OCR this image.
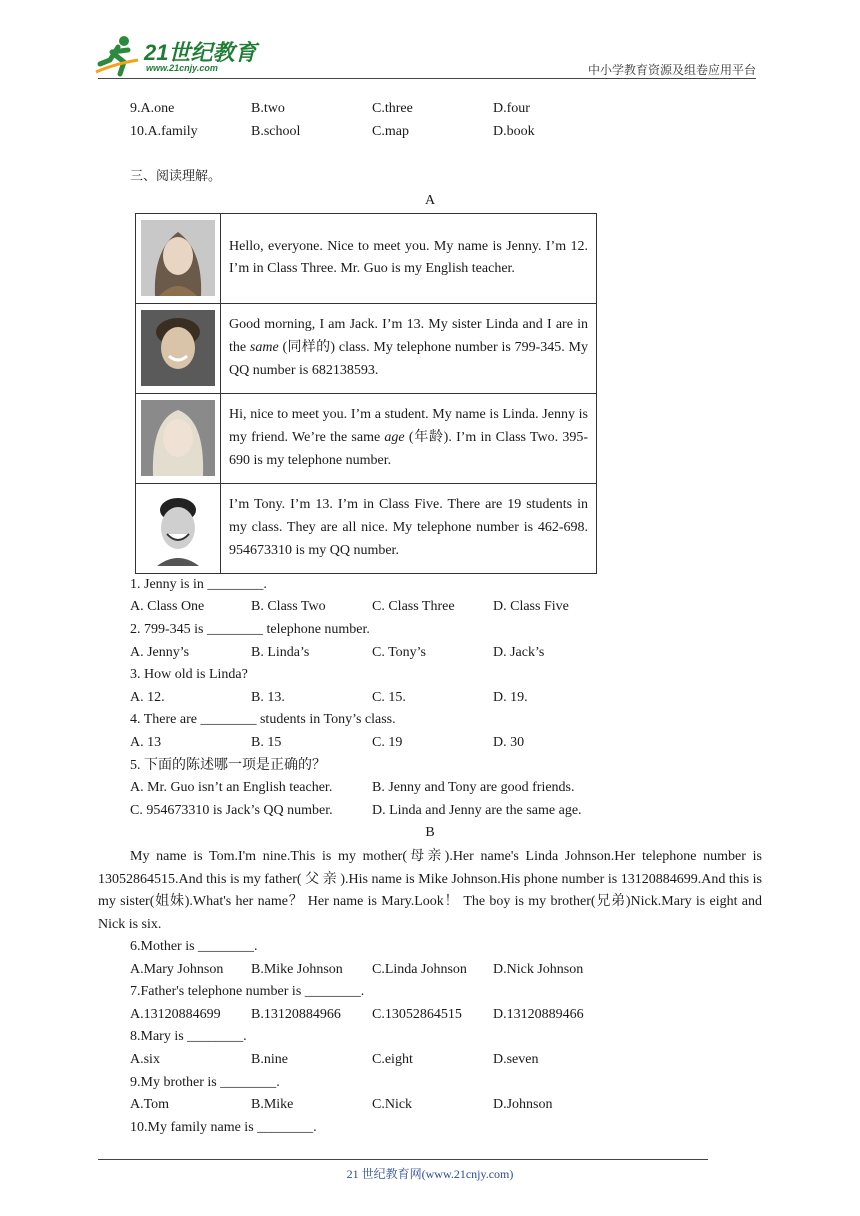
21世纪教育
www.21cnjy.com	中小学教育资源及组卷应用平台
9.A.one	B.two	C.three	D.four
10.A.family	B.school	C.map	D.book
三、阅读理解。
A
	Hello, everyone. Nice to meet you. My name is Jenny. I’m 12. I’m in Class Three. Mr. Guo is my English teacher.

	Good morning, I am Jack. I’m 13. My sister Linda and I are in the same (同样的) class. My telephone number is 799-345. My QQ number is 682138593.

	Hi, nice to meet you. I’m a student. My name is Linda. Jenny is my friend. We’re the same age (年龄). I’m in Class Two. 395-690 is my telephone number.

	I’m Tony. I’m 13. I’m in Class Five. There are 19 students in my class. They are all nice. My telephone number is 462-698. 954673310 is my QQ number.
1. Jenny is in ________.
A. Class One	B. Class Two	C. Class Three	D. Class Five
2. 799-345 is ________ telephone number.
A. Jenny’s	B. Linda’s	C. Tony’s	D. Jack’s
3. How old is Linda?
A. 12.	B. 13.	C. 15.	D. 19.
4. There are ________ students in Tony’s class.
A. 13	B. 15	C. 19	D. 30
5. 下面的陈述哪一项是正确的？
A. Mr. Guo isn’t an English teacher.	B. Jenny and Tony are good friends.
C. 954673310 is Jack’s QQ number.	D. Linda and Jenny are the same age.
B

My name is Tom.I'm nine.This is my mother(母亲).Her name's Linda Johnson.Her telephone number is 13052864515.And this is my father( 父 亲 ).His name is Mike Johnson.His phone number is 13120884699.And this is my sister(姐妹).What's her name？ Her name is Mary.Look！ The boy is my brother(兄弟)Nick.Mary is eight and Nick is six.

6.Mother is ________.
A.Mary Johnson	B.Mike Johnson	C.Linda Johnson	D.Nick Johnson
7.Father's telephone number is ________.
A.13120884699	B.13120884966	C.13052864515	D.13120889466
8.Mary is ________.
A.six	B.nine	C.eight	D.seven
9.My brother is ________.
A.Tom	B.Mike	C.Nick	D.Johnson
10.My family name is ________.
21 世纪教育网(www.21cnjy.com)
